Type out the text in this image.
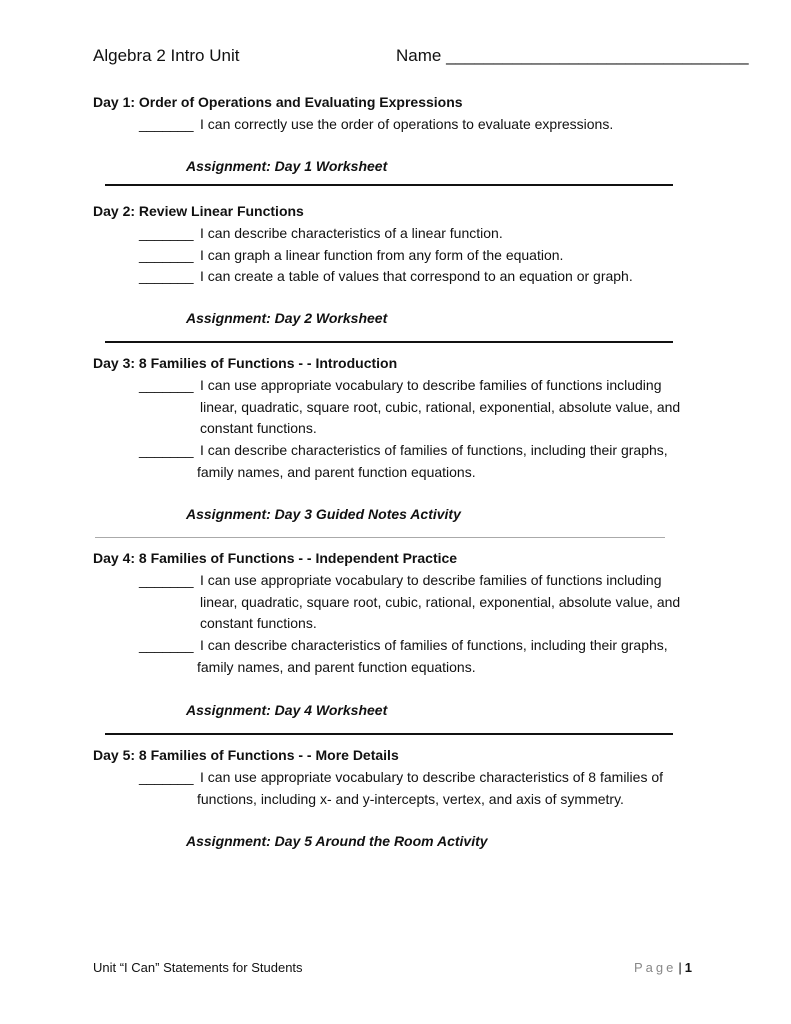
Algebra 2 Intro Unit	Name ________________________________

Day 1: Order of Operations and Evaluating Expressions

_______ I can correctly use the order of operations to evaluate expressions.
Assignment: Day 1 Worksheet

Day 2: Review Linear Functions

_______ I can describe characteristics of a linear function.
_______ I can graph a linear function from any form of the equation.
_______ I can create a table of values that correspond to an equation or graph.
Assignment: Day 2 Worksheet

Day 3: 8 Families of Functions - - Introduction

_______ I can use appropriate vocabulary to describe families of functions including
linear, quadratic, square root, cubic, rational, exponential, absolute value, and constant functions.
_______ I can describe characteristics of families of functions, including their graphs,
family names, and parent function equations.
Assignment: Day 3 Guided Notes Activity

Day 4: 8 Families of Functions - - Independent Practice

_______ I can use appropriate vocabulary to describe families of functions including
linear, quadratic, square root, cubic, rational, exponential, absolute value, and constant functions.
_______ I can describe characteristics of families of functions, including their graphs,
family names, and parent function equations.
Assignment: Day 4 Worksheet

Day 5: 8 Families of Functions - - More Details

_______ I can use appropriate vocabulary to describe characteristics of 8 families of
functions, including x- and y-intercepts, vertex, and axis of symmetry.
Assignment: Day 5 Around the Room Activity
Unit “I Can” Statements for Students	Page | 1
